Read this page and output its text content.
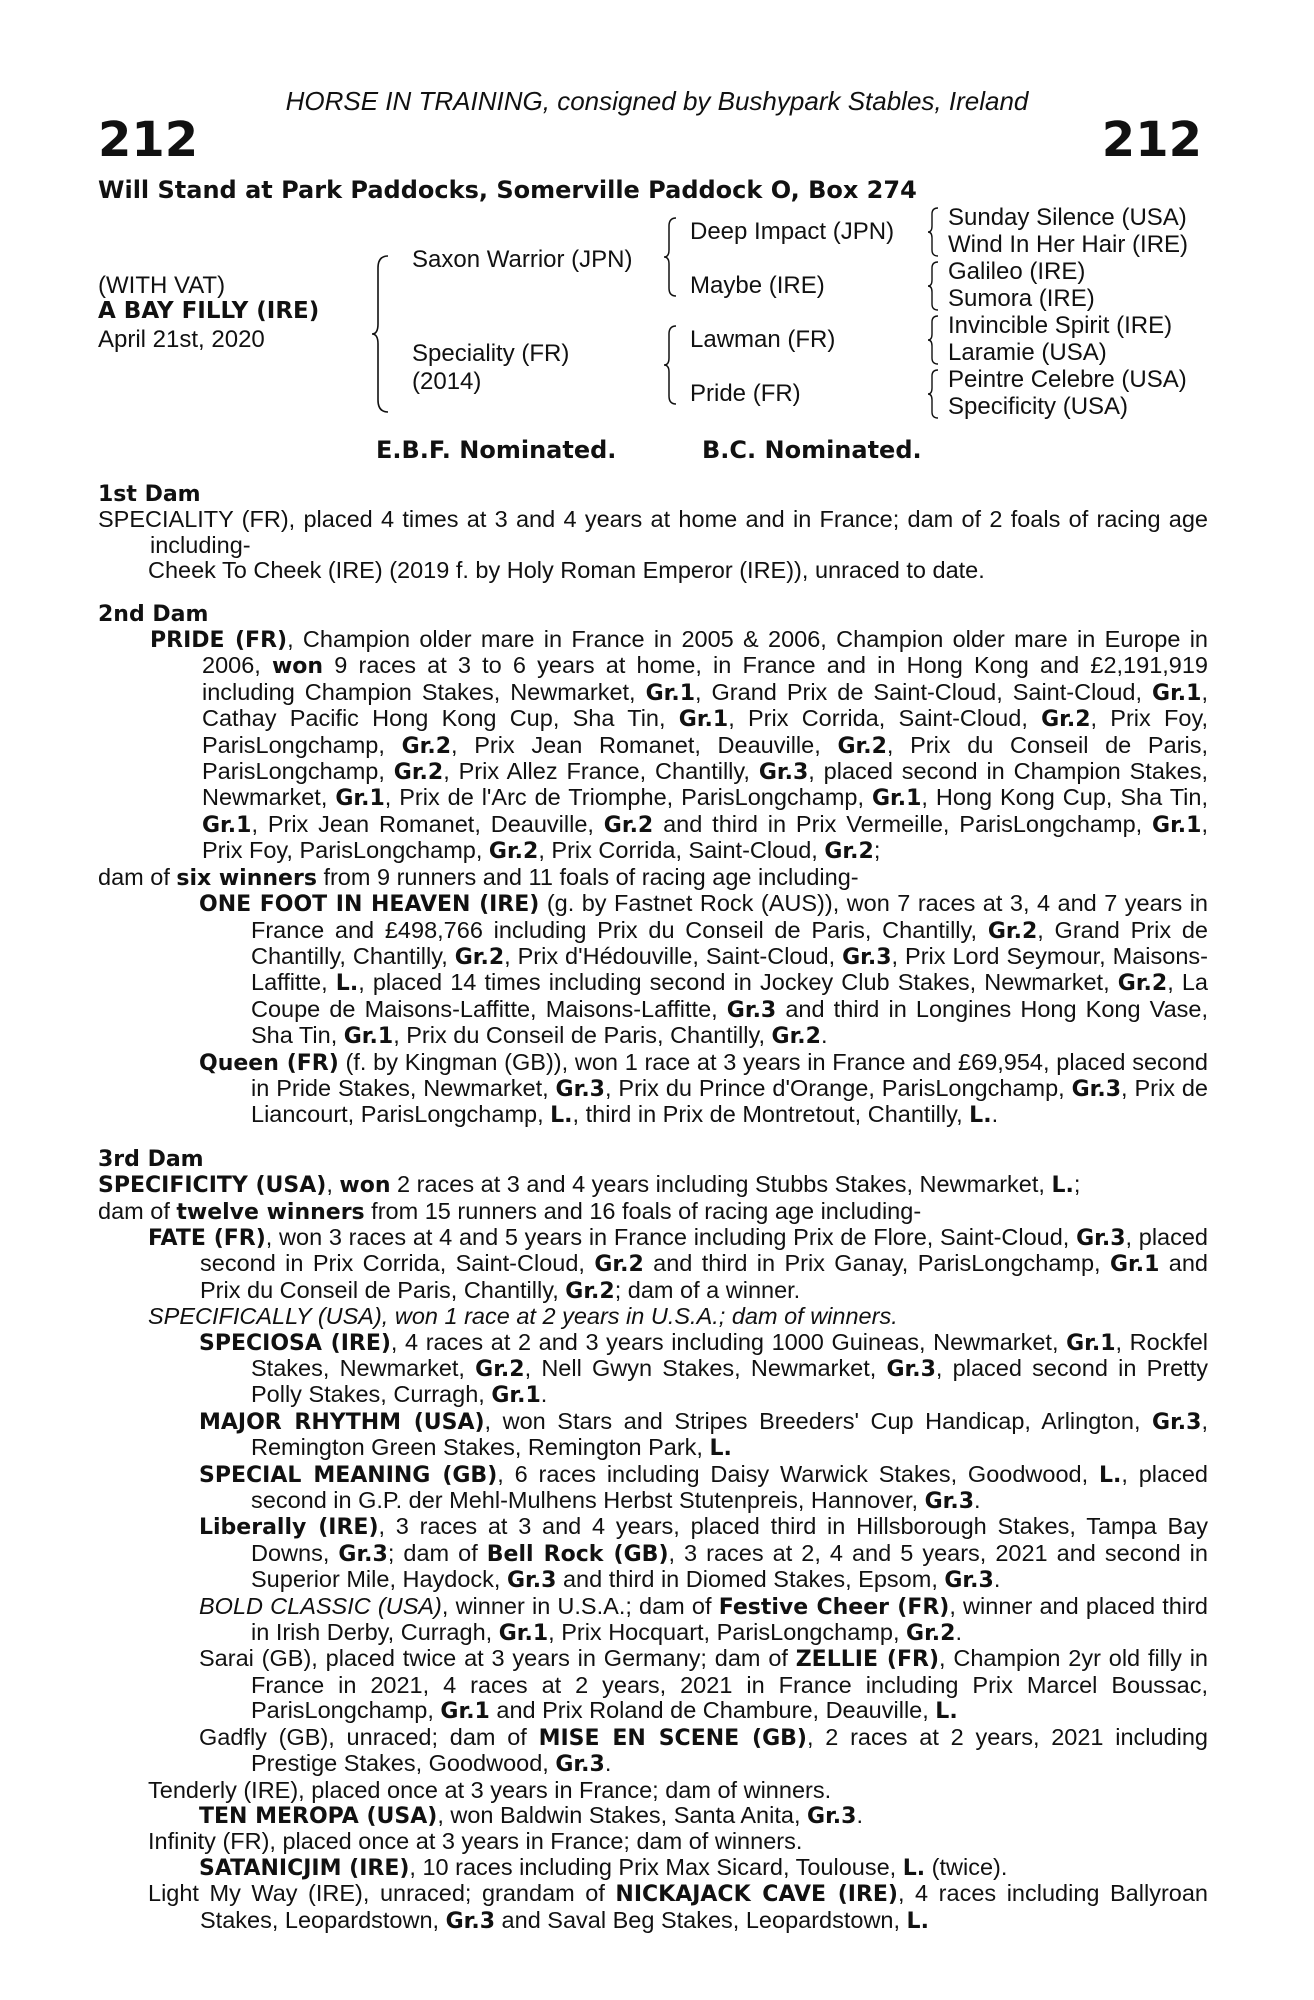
HORSE IN TRAINING, consigned by Bushypark Stables, Ireland
212	212
Will Stand at Park Paddocks, Somerville Paddock O, Box 274
(WITH VAT)
A BAY FILLY (IRE)
April 21st, 2020
Saxon Warrior (JPN)
Speciality (FR)
(2014)
Deep Impact (JPN)
Maybe (IRE)
Lawman (FR)
Pride (FR)
Sunday Silence (USA)
Wind In Her Hair (IRE)
Galileo (IRE)
Sumora (IRE)
Invincible Spirit (IRE)
Laramie (USA)
Peintre Celebre (USA)
Specificity (USA)
E.B.F. Nominated.	B.C. Nominated.
1st Dam
SPECIALITY (FR), placed 4 times at 3 and 4 years at home and in France; dam of 2 foals of racing age including-
Cheek To Cheek (IRE) (2019 f. by Holy Roman Emperor (IRE)), unraced to date.
2nd Dam
PRIDE (FR), Champion older mare in France in 2005 & 2006, Champion older mare in Europe in 2006, won 9 races at 3 to 6 years at home, in France and in Hong Kong and £2,191,919 including Champion Stakes, Newmarket, Gr.1, Grand Prix de Saint-Cloud, Saint-Cloud, Gr.1, Cathay Pacific Hong Kong Cup, Sha Tin, Gr.1, Prix Corrida, Saint-Cloud, Gr.2, Prix Foy, ParisLongchamp, Gr.2, Prix Jean Romanet, Deauville, Gr.2, Prix du Conseil de Paris, ParisLongchamp, Gr.2, Prix Allez France, Chantilly, Gr.3, placed second in Champion Stakes, Newmarket, Gr.1, Prix de l'Arc de Triomphe, ParisLongchamp, Gr.1, Hong Kong Cup, Sha Tin, Gr.1, Prix Jean Romanet, Deauville, Gr.2 and third in Prix Vermeille, ParisLongchamp, Gr.1, Prix Foy, ParisLongchamp, Gr.2, Prix Corrida, Saint-Cloud, Gr.2;
dam of six winners from 9 runners and 11 foals of racing age including-
ONE FOOT IN HEAVEN (IRE) (g. by Fastnet Rock (AUS)), won 7 races at 3, 4 and 7 years in France and £498,766 including Prix du Conseil de Paris, Chantilly, Gr.2, Grand Prix de Chantilly, Chantilly, Gr.2, Prix d'Hédouville, Saint-Cloud, Gr.3, Prix Lord Seymour, Maisons-Laffitte, L., placed 14 times including second in Jockey Club Stakes, Newmarket, Gr.2, La Coupe de Maisons-Laffitte, Maisons-Laffitte, Gr.3 and third in Longines Hong Kong Vase, Sha Tin, Gr.1, Prix du Conseil de Paris, Chantilly, Gr.2.
Queen (FR) (f. by Kingman (GB)), won 1 race at 3 years in France and £69,954, placed second in Pride Stakes, Newmarket, Gr.3, Prix du Prince d'Orange, ParisLongchamp, Gr.3, Prix de Liancourt, ParisLongchamp, L., third in Prix de Montretout, Chantilly, L..
3rd Dam
SPECIFICITY (USA), won 2 races at 3 and 4 years including Stubbs Stakes, Newmarket, L.;
dam of twelve winners from 15 runners and 16 foals of racing age including-
FATE (FR), won 3 races at 4 and 5 years in France including Prix de Flore, Saint-Cloud, Gr.3, placed second in Prix Corrida, Saint-Cloud, Gr.2 and third in Prix Ganay, ParisLongchamp, Gr.1 and Prix du Conseil de Paris, Chantilly, Gr.2; dam of a winner.
SPECIFICALLY (USA), won 1 race at 2 years in U.S.A.; dam of winners.
SPECIOSA (IRE), 4 races at 2 and 3 years including 1000 Guineas, Newmarket, Gr.1, Rockfel Stakes, Newmarket, Gr.2, Nell Gwyn Stakes, Newmarket, Gr.3, placed second in Pretty Polly Stakes, Curragh, Gr.1.
MAJOR RHYTHM (USA), won Stars and Stripes Breeders' Cup Handicap, Arlington, Gr.3, Remington Green Stakes, Remington Park, L.
SPECIAL MEANING (GB), 6 races including Daisy Warwick Stakes, Goodwood, L., placed second in G.P. der Mehl-Mulhens Herbst Stutenpreis, Hannover, Gr.3.
Liberally (IRE), 3 races at 3 and 4 years, placed third in Hillsborough Stakes, Tampa Bay Downs, Gr.3; dam of Bell Rock (GB), 3 races at 2, 4 and 5 years, 2021 and second in Superior Mile, Haydock, Gr.3 and third in Diomed Stakes, Epsom, Gr.3.
BOLD CLASSIC (USA), winner in U.S.A.; dam of Festive Cheer (FR), winner and placed third in Irish Derby, Curragh, Gr.1, Prix Hocquart, ParisLongchamp, Gr.2.
Sarai (GB), placed twice at 3 years in Germany; dam of ZELLIE (FR), Champion 2yr old filly in France in 2021, 4 races at 2 years, 2021 in France including Prix Marcel Boussac, ParisLongchamp, Gr.1 and Prix Roland de Chambure, Deauville, L.
Gadfly (GB), unraced; dam of MISE EN SCENE (GB), 2 races at 2 years, 2021 including Prestige Stakes, Goodwood, Gr.3.
Tenderly (IRE), placed once at 3 years in France; dam of winners.
TEN MEROPA (USA), won Baldwin Stakes, Santa Anita, Gr.3.
Infinity (FR), placed once at 3 years in France; dam of winners.
SATANICJIM (IRE), 10 races including Prix Max Sicard, Toulouse, L. (twice).
Light My Way (IRE), unraced; grandam of NICKAJACK CAVE (IRE), 4 races including Ballyroan Stakes, Leopardstown, Gr.3 and Saval Beg Stakes, Leopardstown, L.
